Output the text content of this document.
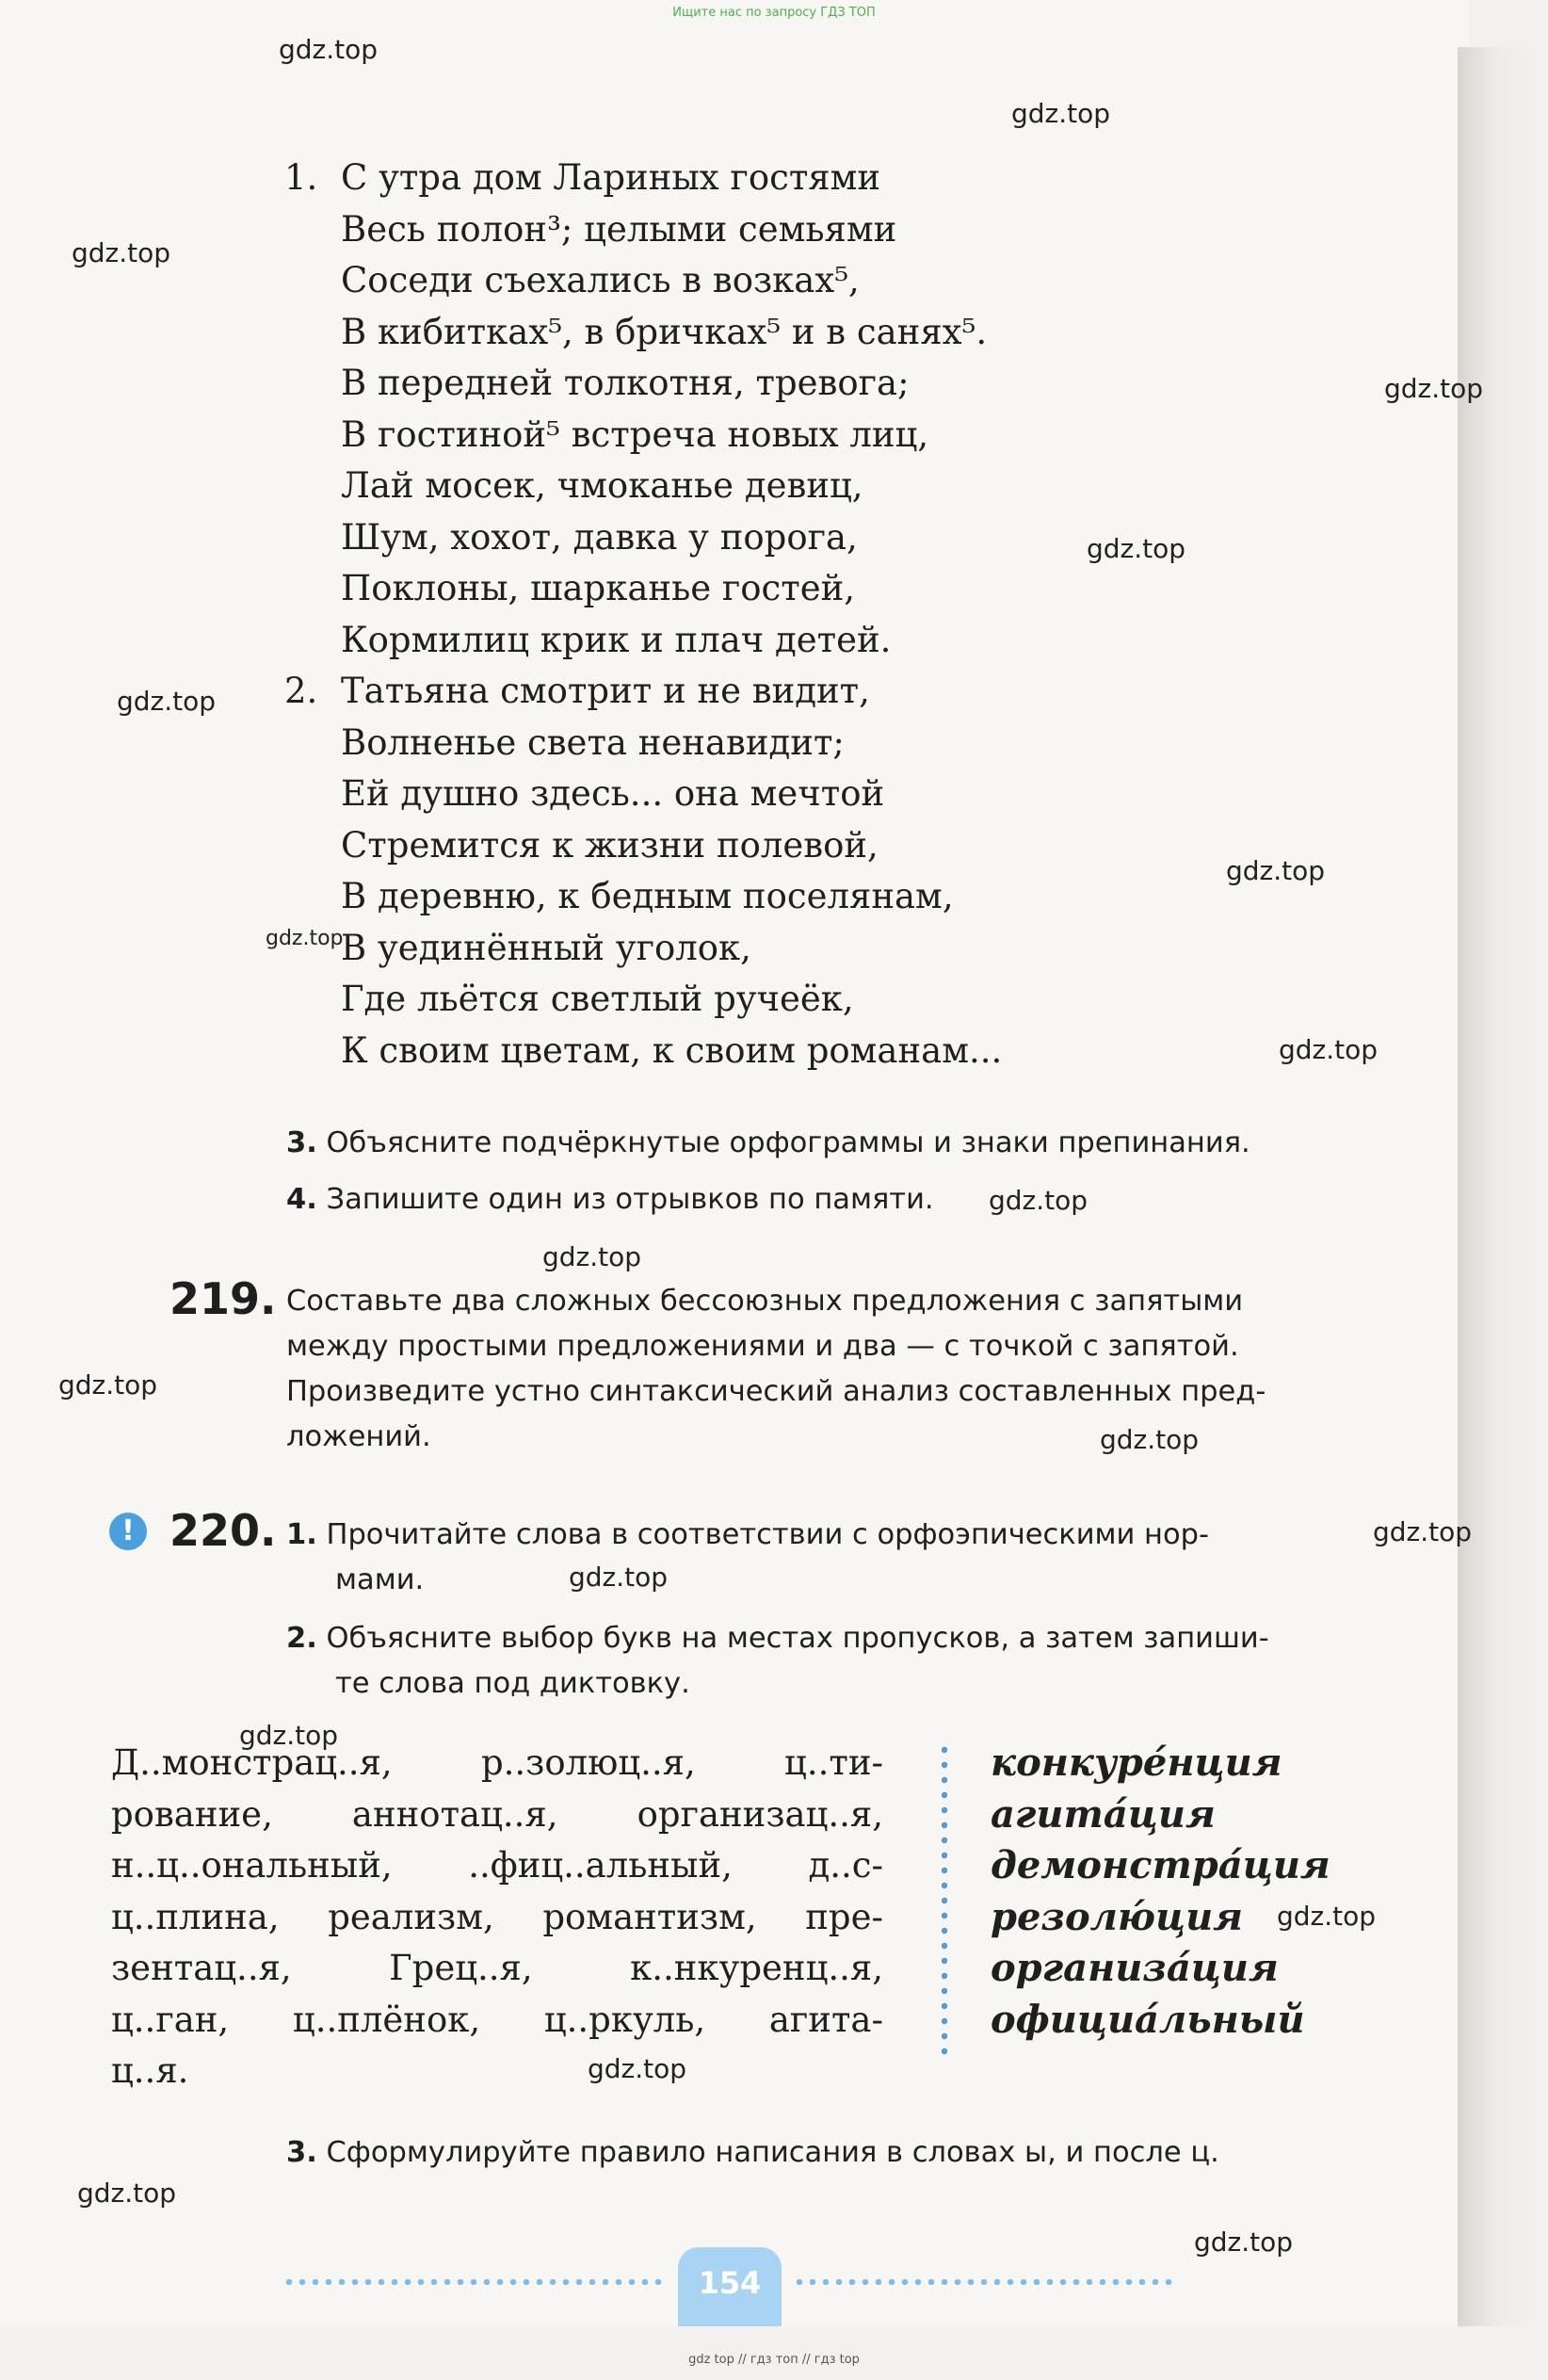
Ищите нас по запросу ГДЗ ТОП
gdz.top
gdz.top
gdz.top
gdz.top
gdz.top
gdz.top
gdz.top
gdz.top
gdz.top
gdz.top
gdz.top
gdz.top
gdz.top
gdz.top
gdz.top
gdz.top
gdz.top
gdz.top
gdz.top
gdz.top
1. С утра дом Лариных гостями
Весь полон³; целыми семьями
Соседи съехались в возках⁵,
В кибитках⁵, в бричках⁵ и в санях⁵.
В передней толкотня, тревога;
В гостиной⁵ встреча новых лиц,
Лай мосек, чмоканье девиц,
Шум, хохот, давка у порога,
Поклоны, шарканье гостей,
Кормилиц крик и плач детей.
2. Татьяна смотрит и не видит,
Волненье света ненавидит;
Ей душно здесь... она мечтой
Стремится к жизни полевой,
В деревню, к бедным поселянам,
В уединённый уголок,
Где льётся светлый ручеёк,
К своим цветам, к своим романам...
3. Объясните подчёркнутые орфограммы и знаки препинания.
4. Запишите один из отрывков по памяти.
219. Составьте два сложных бессоюзных предложения с запятыми
между простыми предложениями и два — с точкой с запятой.
Произведите устно синтаксический анализ составленных пред-
ложений.
! 220. 1. Прочитайте слова в соответствии с орфоэпическими нор-
мами.
2. Объясните выбор букв на местах пропусков, а затем запиши-
те слова под диктовку.
Д..монстрац..я,	р..золюц..я,	ц..ти-
рование, аннотац..я, организац..я,
н..ц..ональный, ..фиц..альный, д..с-
ц..плина, реализм, романтизм, пре-
зентац..я,	Грец..я,	к..нкуренц..я,
ц..ган, ц..плёнок, ц..ркуль, агита-
ц..я.
конкуре́нция
агита́ция
демонстра́ция
резолю́ция
организа́ция
официа́льный
3. Сформулируйте правило написания в словах ы, и после ц.
154
gdz top // гдз топ // гдз top
